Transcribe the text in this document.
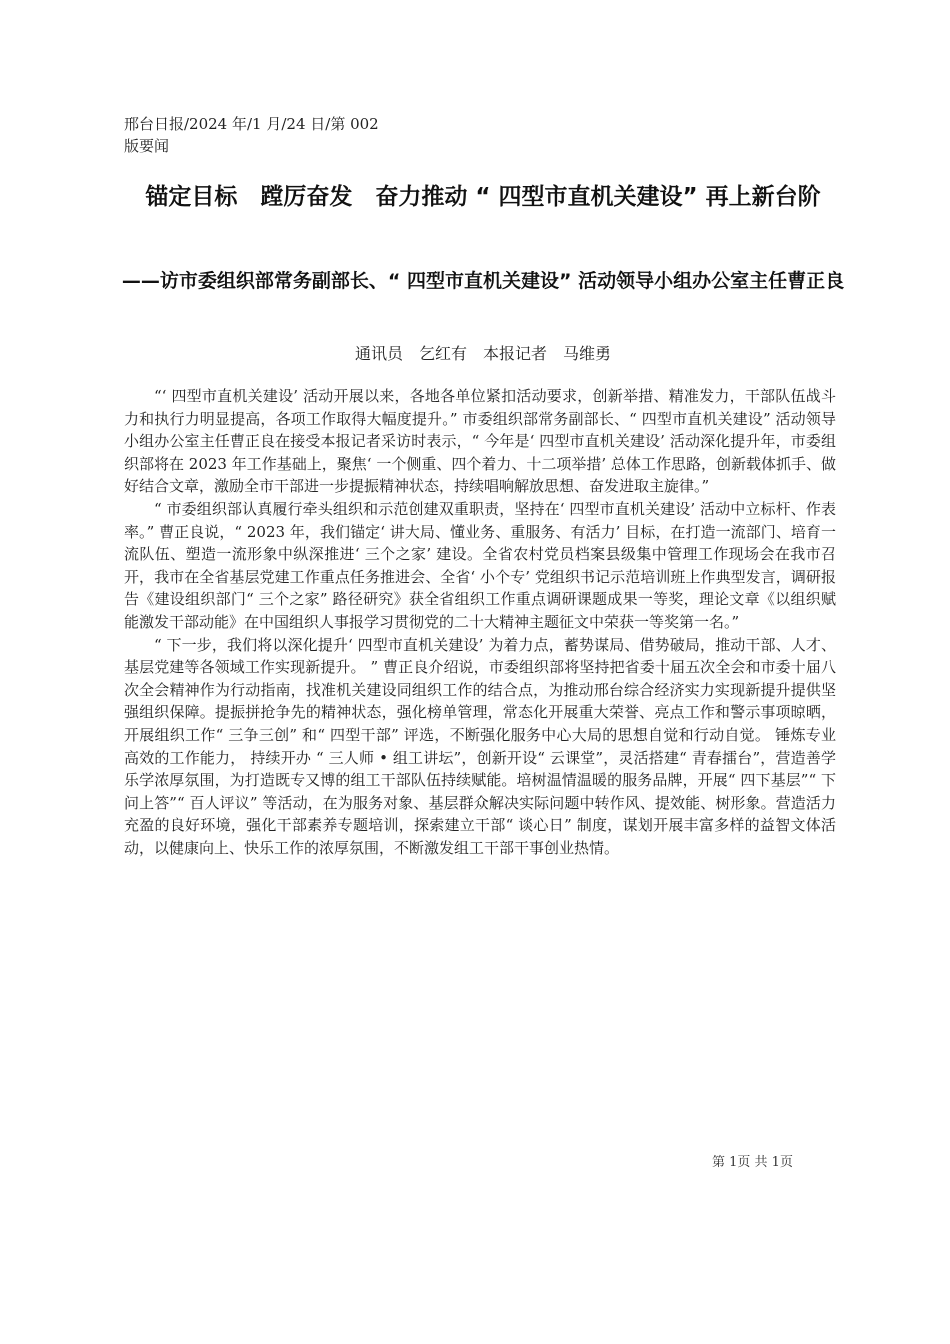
邢台日报/2024 年/1 月/24 日/第 002
版要闻
锚定目标　蹚厉奋发　奋力推动 “ 四型市直机关建设” 再上新台阶
——访市委组织部常务副部长、“ 四型市直机关建设” 活动领导小组办公室主任曹正良
通讯员　乞红有　本报记者　马维勇

“‘ 四型市直机关建设’ 活动开展以来，各地各单位紧扣活动要求，创新举措、精准发力，干部队伍战斗力和执行力明显提高，各项工作取得大幅度提升。” 市委组织部常务副部长、“ 四型市直机关建设” 活动领导小组办公室主任曹正良在接受本报记者采访时表示，“ 今年是‘ 四型市直机关建设’ 活动深化提升年，市委组织部将在 2023 年工作基础上，聚焦‘ 一个侧重、四个着力、十二项举措’ 总体工作思路，创新载体抓手、做好结合文章，激励全市干部进一步提振精神状态，持续唱响解放思想、奋发进取主旋律。”

“ 市委组织部认真履行牵头组织和示范创建双重职责，坚持在‘ 四型市直机关建设’ 活动中立标杆、作表率。” 曹正良说，“ 2023 年，我们锚定‘ 讲大局、懂业务、重服务、有活力’ 目标，在打造一流部门、培育一流队伍、塑造一流形象中纵深推进‘ 三个之家’ 建设。全省农村党员档案县级集中管理工作现场会在我市召开，我市在全省基层党建工作重点任务推进会、全省‘ 小个专’ 党组织书记示范培训班上作典型发言，调研报告《建设组织部门“ 三个之家” 路径研究》获全省组织工作重点调研课题成果一等奖，理论文章《以组织赋能激发干部动能》在中国组织人事报学习贯彻党的二十大精神主题征文中荣获一等奖第一名。”

“ 下一步，我们将以深化提升‘ 四型市直机关建设’ 为着力点，蓄势谋局、借势破局，推动干部、人才、基层党建等各领域工作实现新提升。 ” 曹正良介绍说，市委组织部将坚持把省委十届五次全会和市委十届八次全会精神作为行动指南，找准机关建设同组织工作的结合点，为推动邢台综合经济实力实现新提升提供坚强组织保障。提振拼抢争先的精神状态，强化榜单管理，常态化开展重大荣誉、亮点工作和警示事项晾晒，开展组织工作“ 三争三创” 和“ 四型干部” 评选，不断强化服务中心大局的思想自觉和行动自觉。 锤炼专业高效的工作能力， 持续开办 “ 三人师 • 组工讲坛”，创新开设“ 云课堂”，灵活搭建“ 青春擂台”，营造善学乐学浓厚氛围，为打造既专又博的组工干部队伍持续赋能。培树温情温暖的服务品牌，开展“ 四下基层”“ 下问上答”“ 百人评议” 等活动，在为服务对象、基层群众解决实际问题中转作风、提效能、树形象。营造活力充盈的良好环境，强化干部素养专题培训，探索建立干部“ 谈心日” 制度，谋划开展丰富多样的益智文体活动，以健康向上、快乐工作的浓厚氛围，不断激发组工干部干事创业热情。

第 1页 共 1页
